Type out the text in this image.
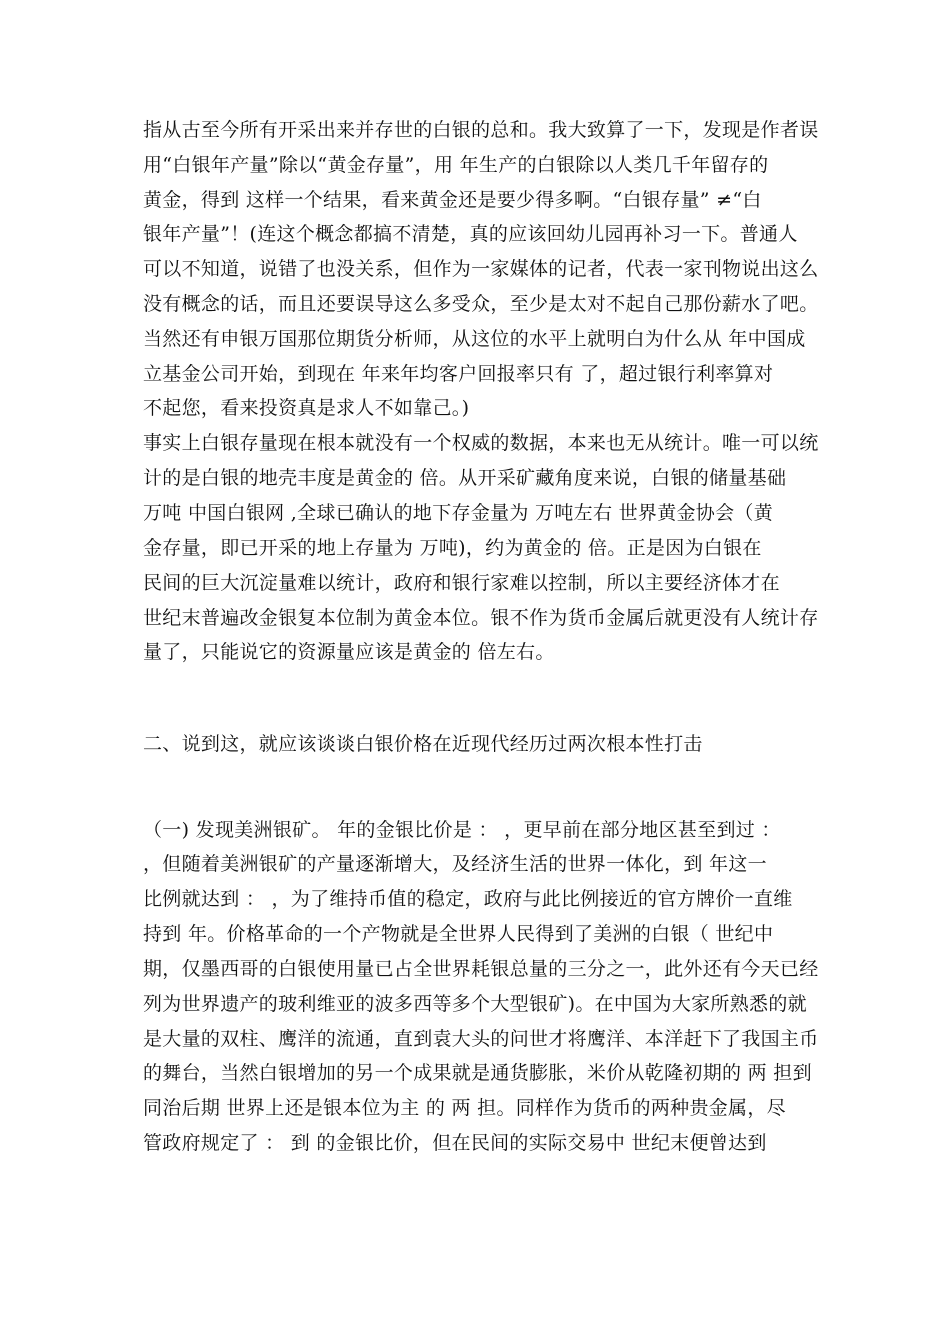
指从古至今所有开采出来并存世的白银的总和。我大致算了一下，发现是作者误
用“白银年产量”除以“黄金存量”，用 年生产的白银除以人类几千年留存的
黄金，得到 这样一个结果，看来黄金还是要少得多啊。“白银存量” ≠“白
银年产量”！(连这个概念都搞不清楚，真的应该回幼儿园再补习一下。普通人
可以不知道，说错了也没关系，但作为一家媒体的记者，代表一家刊物说出这么
没有概念的话，而且还要误导这么多受众，至少是太对不起自己那份薪水了吧。
当然还有申银万国那位期货分析师，从这位的水平上就明白为什么从 年中国成
立基金公司开始，到现在 年来年均客户回报率只有 了，超过银行利率算对
不起您，看来投资真是求人不如靠己。)
事实上白银存量现在根本就没有一个权威的数据，本来也无从统计。唯一可以统
计的是白银的地壳丰度是黄金的 倍。从开采矿藏角度来说，白银的储量基础
万吨 中国白银网 ,全球已确认的地下存金量为 万吨左右 世界黄金协会（黄
金存量，即已开采的地上存量为 万吨)，约为黄金的 倍。正是因为白银在
民间的巨大沉淀量难以统计，政府和银行家难以控制，所以主要经济体才在
世纪末普遍改金银复本位制为黄金本位。银不作为货币金属后就更没有人统计存
量了，只能说它的资源量应该是黄金的 倍左右。
二、说到这，就应该谈谈白银价格在近现代经历过两次根本性打击
（一) 发现美洲银矿。 年的金银比价是 ： ，更早前在部分地区甚至到过 ：
，但随着美洲银矿的产量逐渐增大，及经济生活的世界一体化，到 年这一
比例就达到 ： ，为了维持币值的稳定，政府与此比例接近的官方牌价一直维
持到 年。价格革命的一个产物就是全世界人民得到了美洲的白银（ 世纪中
期，仅墨西哥的白银使用量已占全世界耗银总量的三分之一，此外还有今天已经
列为世界遗产的玻利维亚的波多西等多个大型银矿)。在中国为大家所熟悉的就
是大量的双柱、鹰洋的流通，直到袁大头的问世才将鹰洋、本洋赶下了我国主币
的舞台，当然白银增加的另一个成果就是通货膨胀，米价从乾隆初期的 两 担到
同治后期 世界上还是银本位为主 的 两 担。同样作为货币的两种贵金属，尽
管政府规定了 ： 到 的金银比价，但在民间的实际交易中 世纪末便曾达到
